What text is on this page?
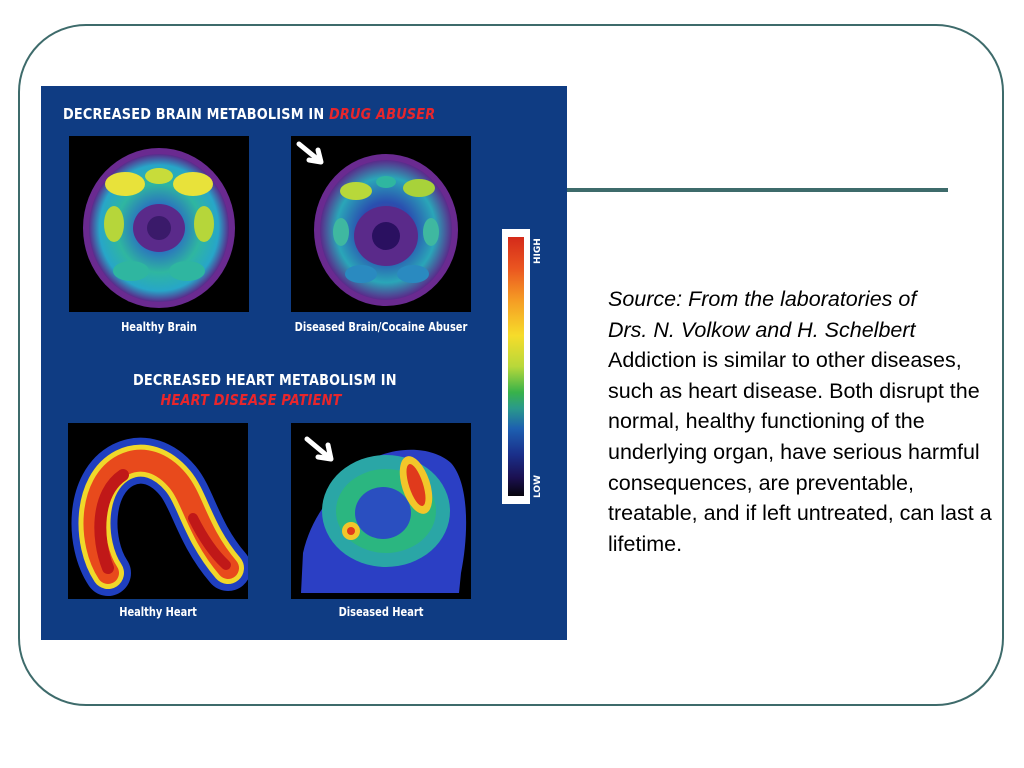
DECREASED BRAIN METABOLISM IN DRUG ABUSER
Healthy Brain	Diseased Brain/Cocaine Abuser
DECREASED HEART METABOLISM IN
HEART DISEASE PATIENT
Healthy Heart	Diseased Heart
HIGH
LOW
Source: From the laboratories of
Drs. N. Volkow and H. Schelbert
Addiction is similar to other diseases, such as heart disease. Both disrupt the normal, healthy functioning of the underlying organ, have serious harmful consequences, are preventable, treatable, and if left untreated, can last a lifetime.
